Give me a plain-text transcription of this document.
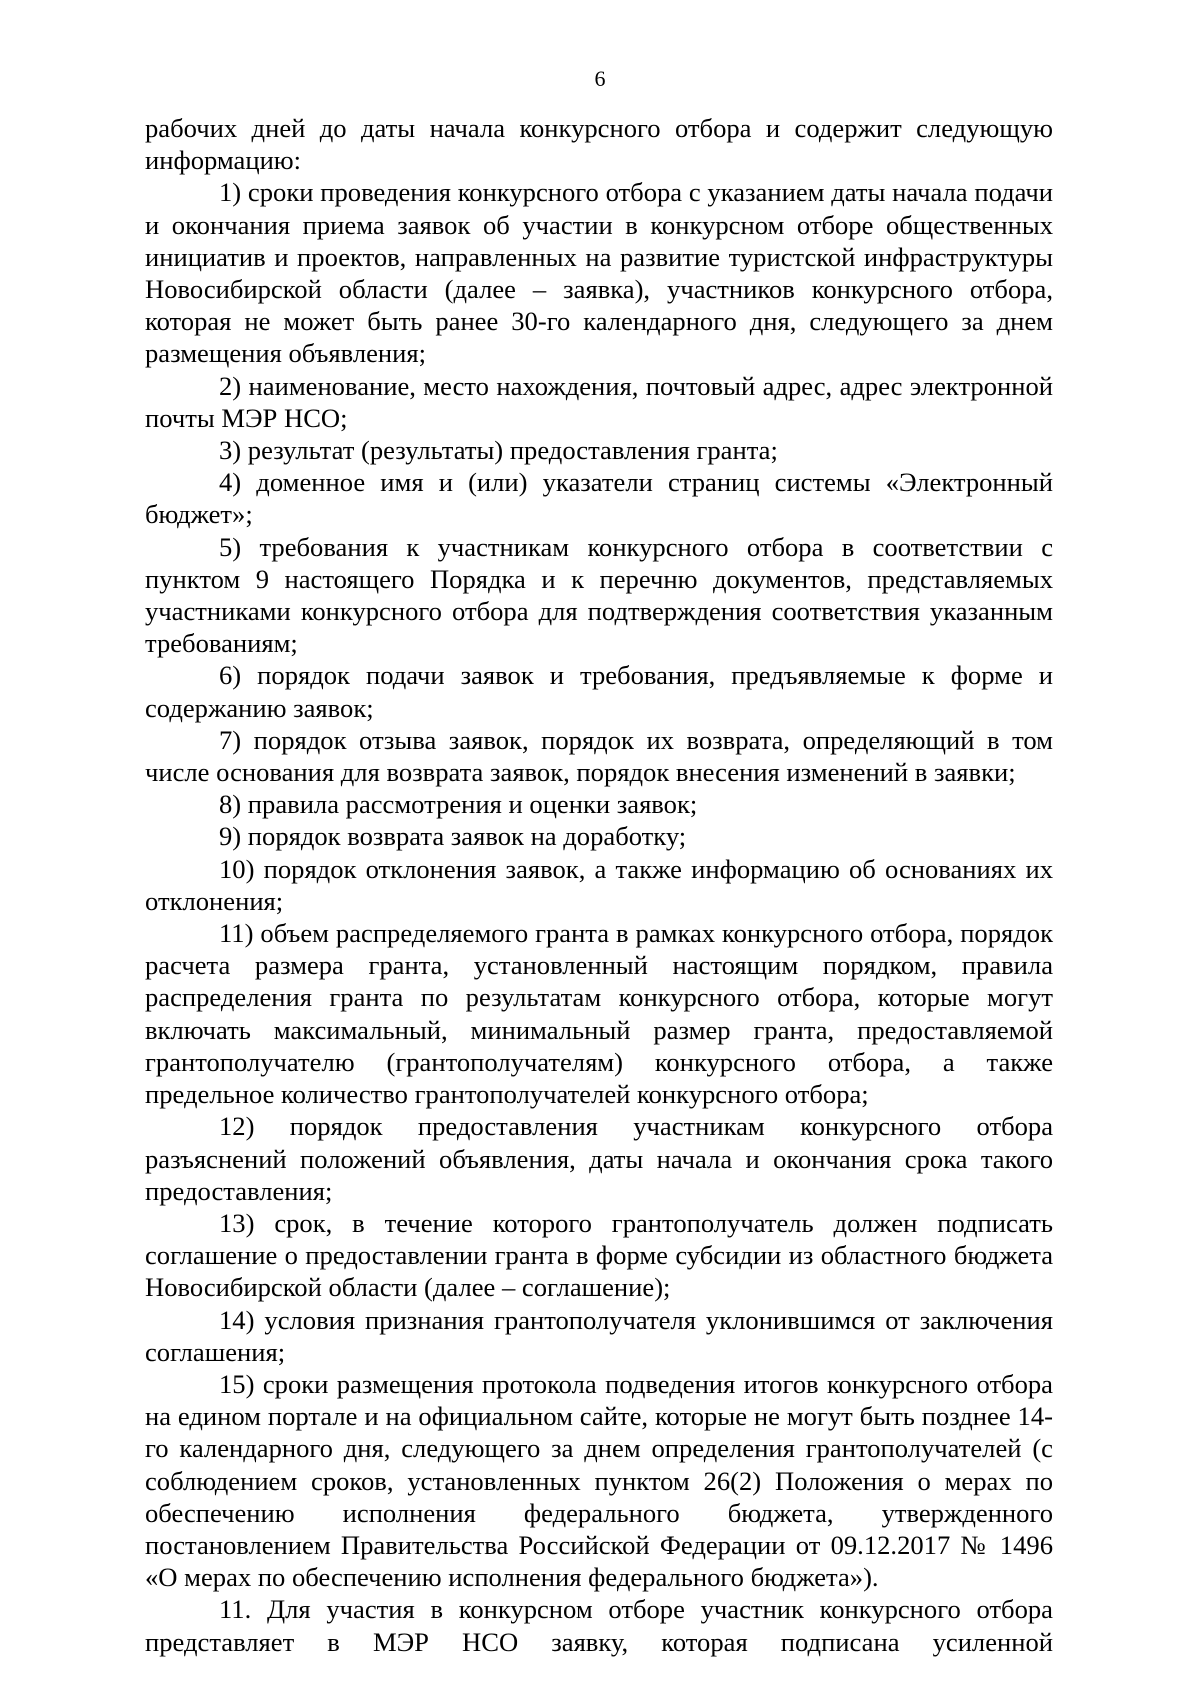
6

рабочих дней до даты начала конкурсного отбора и содержит следующую информацию:

1) сроки проведения конкурсного отбора с указанием даты начала подачи и окончания приема заявок об участии в конкурсном отборе общественных инициатив и проектов, направленных на развитие туристской инфраструктуры Новосибирской области (далее – заявка), участников конкурсного отбора, которая не может быть ранее 30-го календарного дня, следующего за днем размещения объявления;

2) наименование, место нахождения, почтовый адрес, адрес электронной почты МЭР НСО;

3) результат (результаты) предоставления гранта;

4) доменное имя и (или) указатели страниц системы «Электронный бюджет»;

5) требования к участникам конкурсного отбора в соответствии с пунктом 9 настоящего Порядка и к перечню документов, представляемых участниками конкурсного отбора для подтверждения соответствия указанным требованиям;

6) порядок подачи заявок и требования, предъявляемые к форме и содержанию заявок;

7) порядок отзыва заявок, порядок их возврата, определяющий в том числе основания для возврата заявок, порядок внесения изменений в заявки;

8) правила рассмотрения и оценки заявок;

9) порядок возврата заявок на доработку;

10) порядок отклонения заявок, а также информацию об основаниях их отклонения;

11) объем распределяемого гранта в рамках конкурсного отбора, порядок расчета размера гранта, установленный настоящим порядком, правила распределения гранта по результатам конкурсного отбора, которые могут включать максимальный, минимальный размер гранта, предоставляемой грантополучателю (грантополучателям) конкурсного отбора, а также предельное количество грантополучателей конкурсного отбора;

12) порядок предоставления участникам конкурсного отбора разъяснений положений объявления, даты начала и окончания срока такого предоставления;

13) срок, в течение которого грантополучатель должен подписать соглашение о предоставлении гранта в форме субсидии из областного бюджета Новосибирской области (далее – соглашение);

14) условия признания грантополучателя уклонившимся от заключения соглашения;

15) сроки размещения протокола подведения итогов конкурсного отбора на едином портале и на официальном сайте, которые не могут быть позднее 14-го календарного дня, следующего за днем определения грантополучателей (с соблюдением сроков, установленных пунктом 26(2) Положения о мерах по обеспечению исполнения федерального бюджета, утвержденного постановлением Правительства Российской Федерации от 09.12.2017 № 1496 «О мерах по обеспечению исполнения федерального бюджета»).

11. Для участия в конкурсном отборе участник конкурсного отбора представляет в МЭР НСО заявку, которая подписана усиленной
